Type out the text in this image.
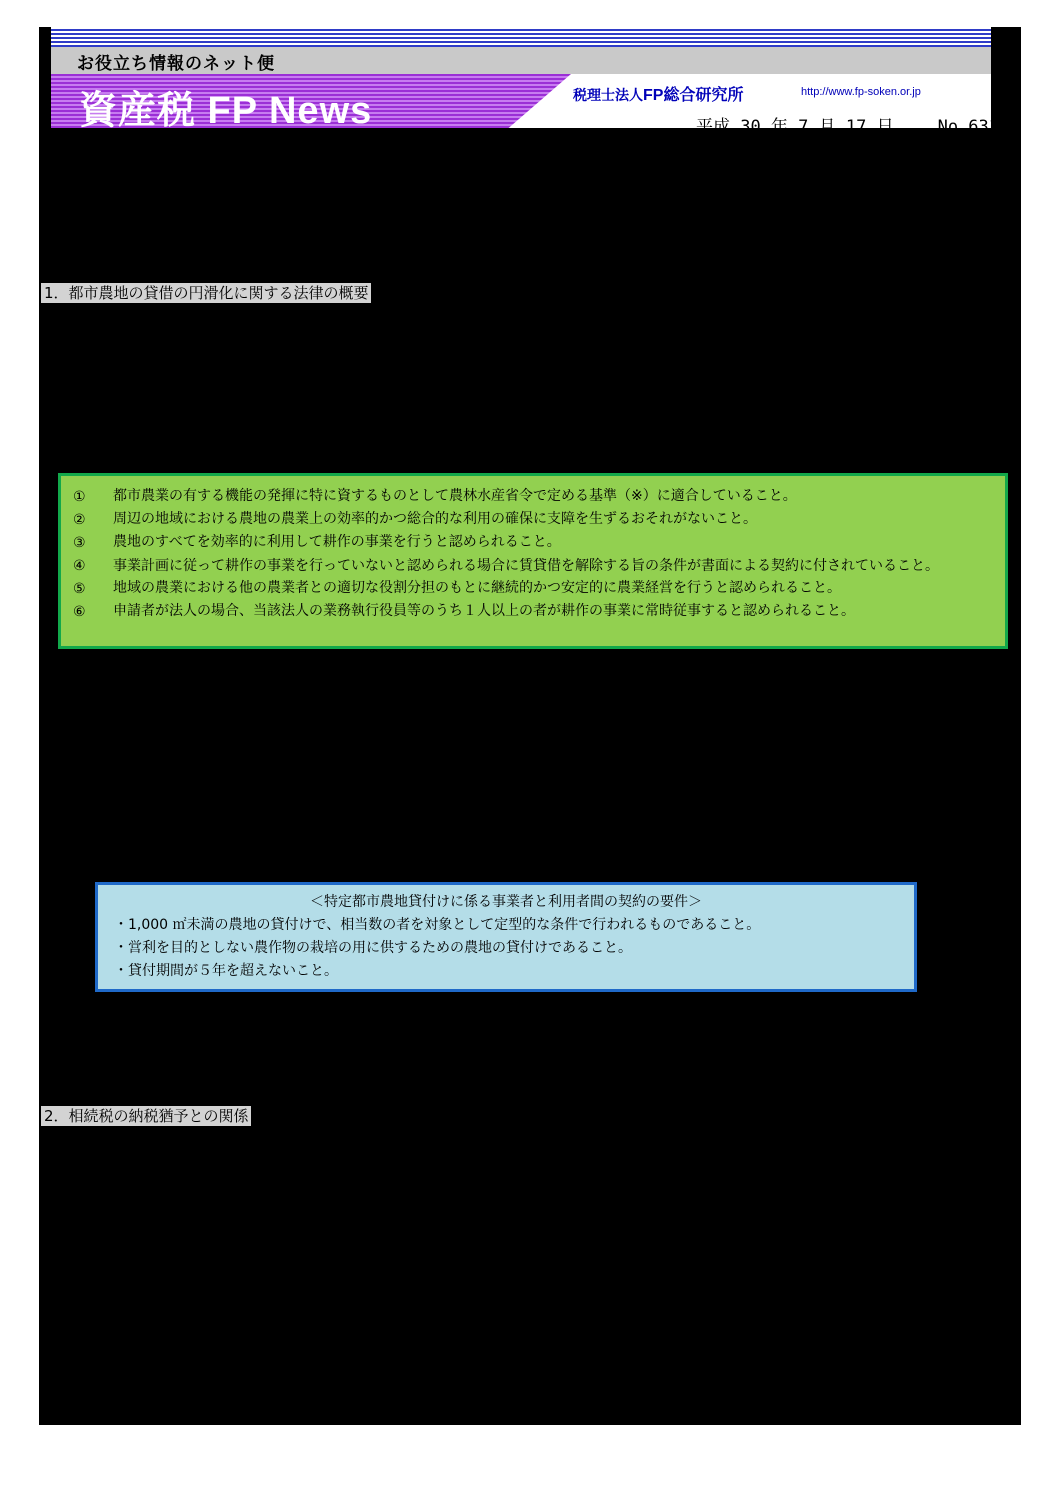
お役立ち情報のネット便
資産税 FP News	税理士法人FP総合研究所	http://www.fp-soken.or.jp
平成 30 年 7 月 17 日	No.631
1．都市農地の貸借の円滑化に関する法律の概要
①	都市農業の有する機能の発揮に特に資するものとして農林水産省令で定める基準（※）に適合していること。
②	周辺の地域における農地の農業上の効率的かつ総合的な利用の確保に支障を生ずるおそれがないこと。
③	農地のすべてを効率的に利用して耕作の事業を行うと認められること。
④	事業計画に従って耕作の事業を行っていないと認められる場合に賃貸借を解除する旨の条件が書面による契約に付されていること。
⑤	地域の農業における他の農業者との適切な役割分担のもとに継続的かつ安定的に農業経営を行うと認められること。
⑥	申請者が法人の場合、当該法人の業務執行役員等のうち１人以上の者が耕作の事業に常時従事すると認められること。
＜特定都市農地貸付けに係る事業者と利用者間の契約の要件＞
・1,000 ㎡未満の農地の貸付けで、相当数の者を対象として定型的な条件で行われるものであること。
・営利を目的としない農作物の栽培の用に供するための農地の貸付けであること。
・貸付期間が５年を超えないこと。
2．相続税の納税猶予との関係
